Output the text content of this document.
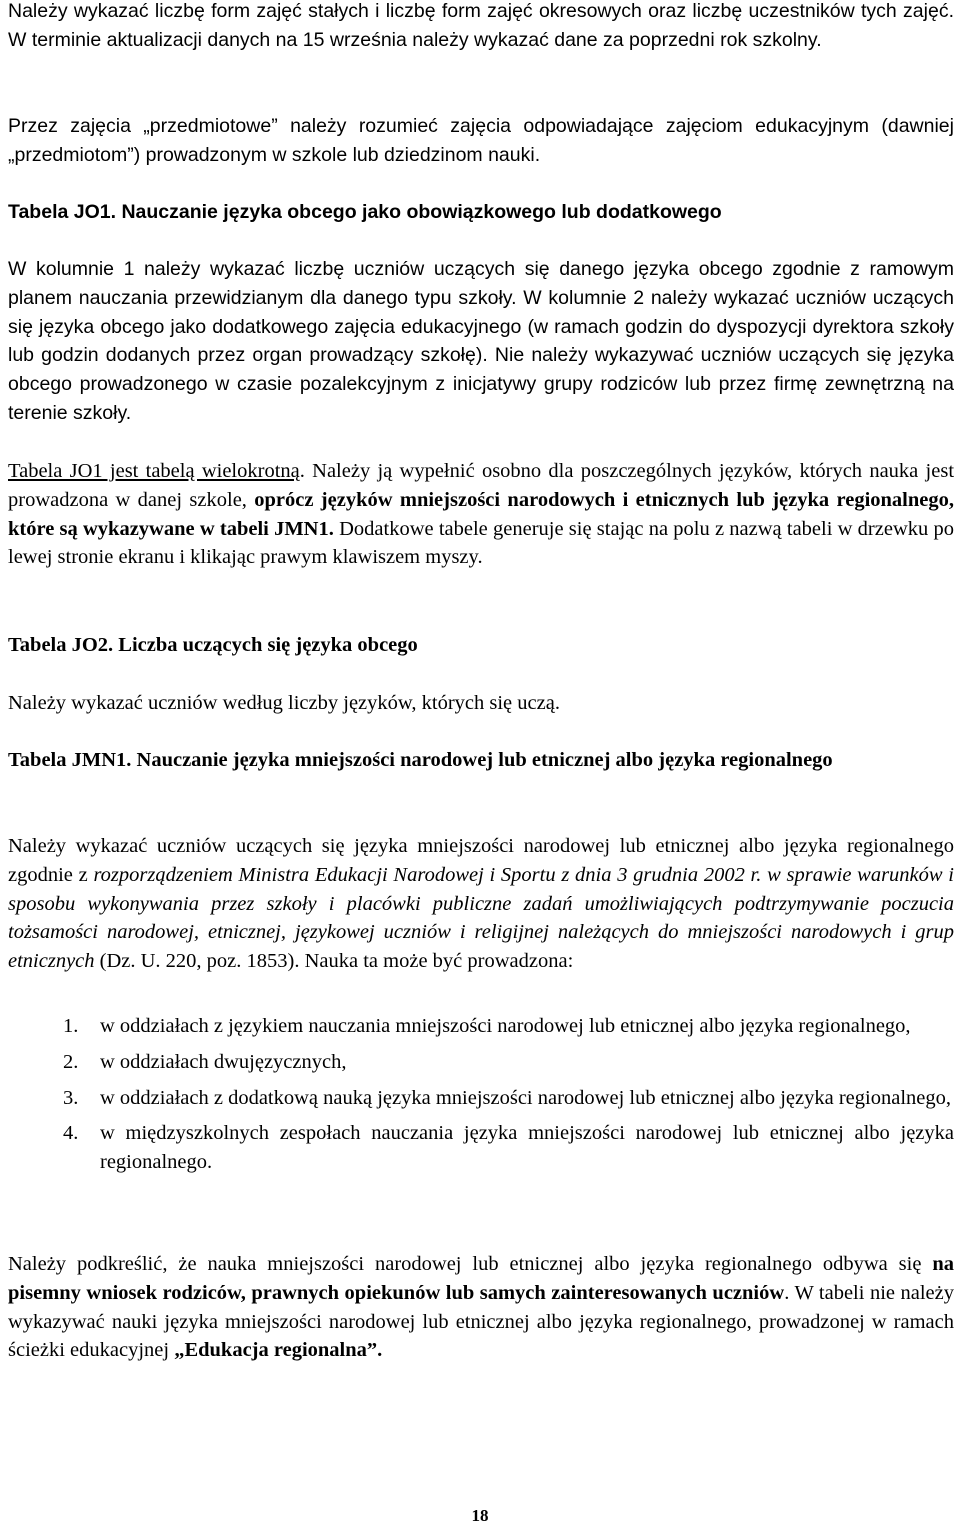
Należy wykazać liczbę form zajęć stałych i liczbę form zajęć okresowych oraz liczbę uczestników tych zajęć. W terminie aktualizacji danych na 15 września należy wykazać dane za poprzedni rok szkolny.

Przez zajęcia „przedmiotowe” należy rozumieć zajęcia odpowiadające zajęciom edukacyjnym (dawniej „przedmiotom”) prowadzonym w szkole lub dziedzinom nauki.

Tabela JO1. Nauczanie języka obcego jako obowiązkowego lub dodatkowego

W kolumnie 1 należy wykazać liczbę uczniów uczących się danego języka obcego zgodnie z ramowym planem nauczania przewidzianym dla danego typu szkoły. W kolumnie 2 należy wykazać uczniów uczących się języka obcego jako dodatkowego zajęcia edukacyjnego (w ramach godzin do dyspozycji dyrektora szkoły lub godzin dodanych przez organ prowadzący szkołę). Nie należy wykazywać uczniów uczących się języka obcego prowadzonego w czasie pozalekcyjnym z inicjatywy grupy rodziców lub przez firmę zewnętrzną na terenie szkoły.

Tabela JO1 jest tabelą wielokrotną. Należy ją wypełnić osobno dla poszczególnych języków, których nauka jest prowadzona w danej szkole, oprócz języków mniejszości narodowych i etnicznych lub języka regionalnego, które są wykazywane w tabeli JMN1. Dodatkowe tabele generuje się stając na polu z nazwą tabeli w drzewku po lewej stronie ekranu i klikając prawym klawiszem myszy.

Tabela JO2. Liczba uczących się języka obcego

Należy wykazać uczniów według liczby języków, których się uczą.

Tabela JMN1. Nauczanie języka mniejszości narodowej lub etnicznej albo języka regionalnego

Należy wykazać uczniów uczących się języka mniejszości narodowej lub etnicznej albo języka regionalnego zgodnie z rozporządzeniem Ministra Edukacji Narodowej i Sportu z dnia 3 grudnia 2002 r. w sprawie warunków i sposobu wykonywania przez szkoły i placówki publiczne zadań umożliwiających podtrzymywanie poczucia tożsamości narodowej, etnicznej, językowej uczniów i religijnej należących do mniejszości narodowych i grup etnicznych (Dz. U. 220, poz. 1853). Nauka ta może być prowadzona:

1. w oddziałach z językiem nauczania mniejszości narodowej lub etnicznej albo języka regionalnego,
2. w oddziałach dwujęzycznych,
3. w oddziałach z dodatkową nauką języka mniejszości narodowej lub etnicznej albo języka regionalnego,
4. w międzyszkolnych zespołach nauczania języka mniejszości narodowej lub etnicznej albo języka regionalnego.

Należy podkreślić, że nauka mniejszości narodowej lub etnicznej albo języka regionalnego odbywa się na pisemny wniosek rodziców, prawnych opiekunów lub samych zainteresowanych uczniów. W tabeli nie należy wykazywać nauki języka mniejszości narodowej lub etnicznej albo języka regionalnego, prowadzonej w ramach ścieżki edukacyjnej „Edukacja regionalna”.

18
